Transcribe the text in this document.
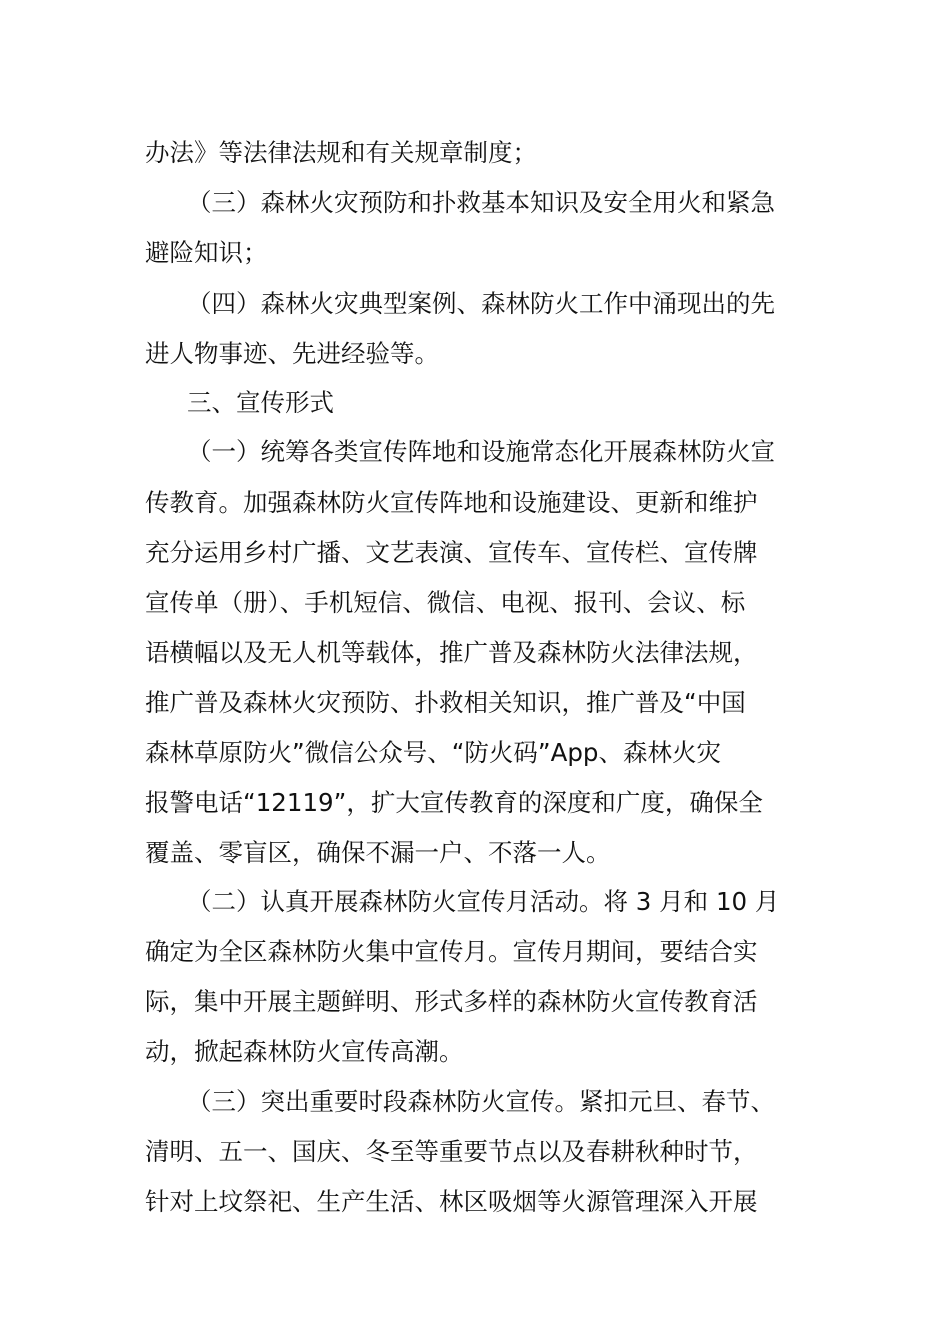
办法》等法律法规和有关规章制度；
（三）森林火灾预防和扑救基本知识及安全用火和紧急
避险知识；
（四）森林火灾典型案例、森林防火工作中涌现出的先
进人物事迹、先进经验等。
三、宣传形式
（一）统筹各类宣传阵地和设施常态化开展森林防火宣
传教育。加强森林防火宣传阵地和设施建设、更新和维护
充分运用乡村广播、文艺表演、宣传车、宣传栏、宣传牌
宣传单（册）、手机短信、微信、电视、报刊、会议、标
语横幅以及无人机等载体，推广普及森林防火法律法规，
推广普及森林火灾预防、扑救相关知识，推广普及“中国
森林草原防火”微信公众号、“防火码”App、森林火灾
报警电话“12119”，扩大宣传教育的深度和广度，确保全
覆盖、零盲区，确保不漏一户、不落一人。
（二）认真开展森林防火宣传月活动。将 3 月和 10 月
确定为全区森林防火集中宣传月。宣传月期间，要结合实
际，集中开展主题鲜明、形式多样的森林防火宣传教育活
动，掀起森林防火宣传高潮。
（三）突出重要时段森林防火宣传。紧扣元旦、春节、
清明、五一、国庆、冬至等重要节点以及春耕秋种时节，
针对上坟祭祀、生产生活、林区吸烟等火源管理深入开展
